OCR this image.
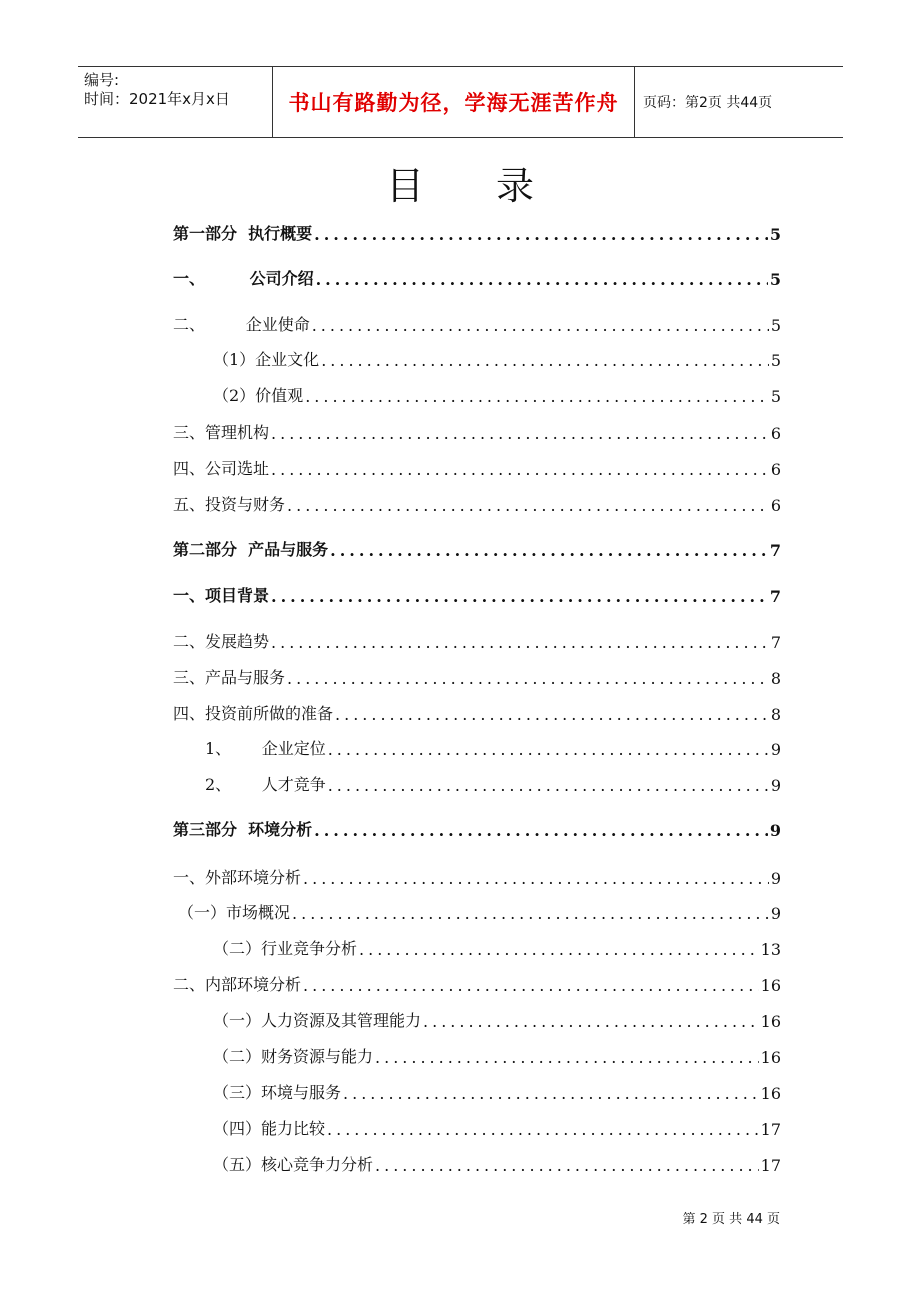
编号:
时间：2021年x月x日	书山有路勤为径，学海无涯苦作舟	页码：第2页 共44页
目 录
第一部分  执行概要 .....	5
一、        公司介绍 .....	5
二、        企业使命 .....	5
（1）企业文化 .....	5
（2）价值观 .....	5
三、管理机构 .....	6
四、公司选址 .....	6
五、投资与财务 .....	6
第二部分  产品与服务 .....	7
一、项目背景 .....	7
二、发展趋势 .....	7
三、产品与服务 .....	8
四、投资前所做的准备 .....	8
1、      企业定位 .....	9
2、      人才竞争 .....	9
第三部分  环境分析 .....	9
一、外部环境分析 .....	9
（一）市场概况 .....	9
（二）行业竞争分析 .....	13
二、内部环境分析 .....	16
（一）人力资源及其管理能力 .....	16
（二）财务资源与能力 .....	16
（三）环境与服务 .....	16
（四）能力比较 .....	17
（五）核心竞争力分析 .....	17
第 2 页 共 44 页
